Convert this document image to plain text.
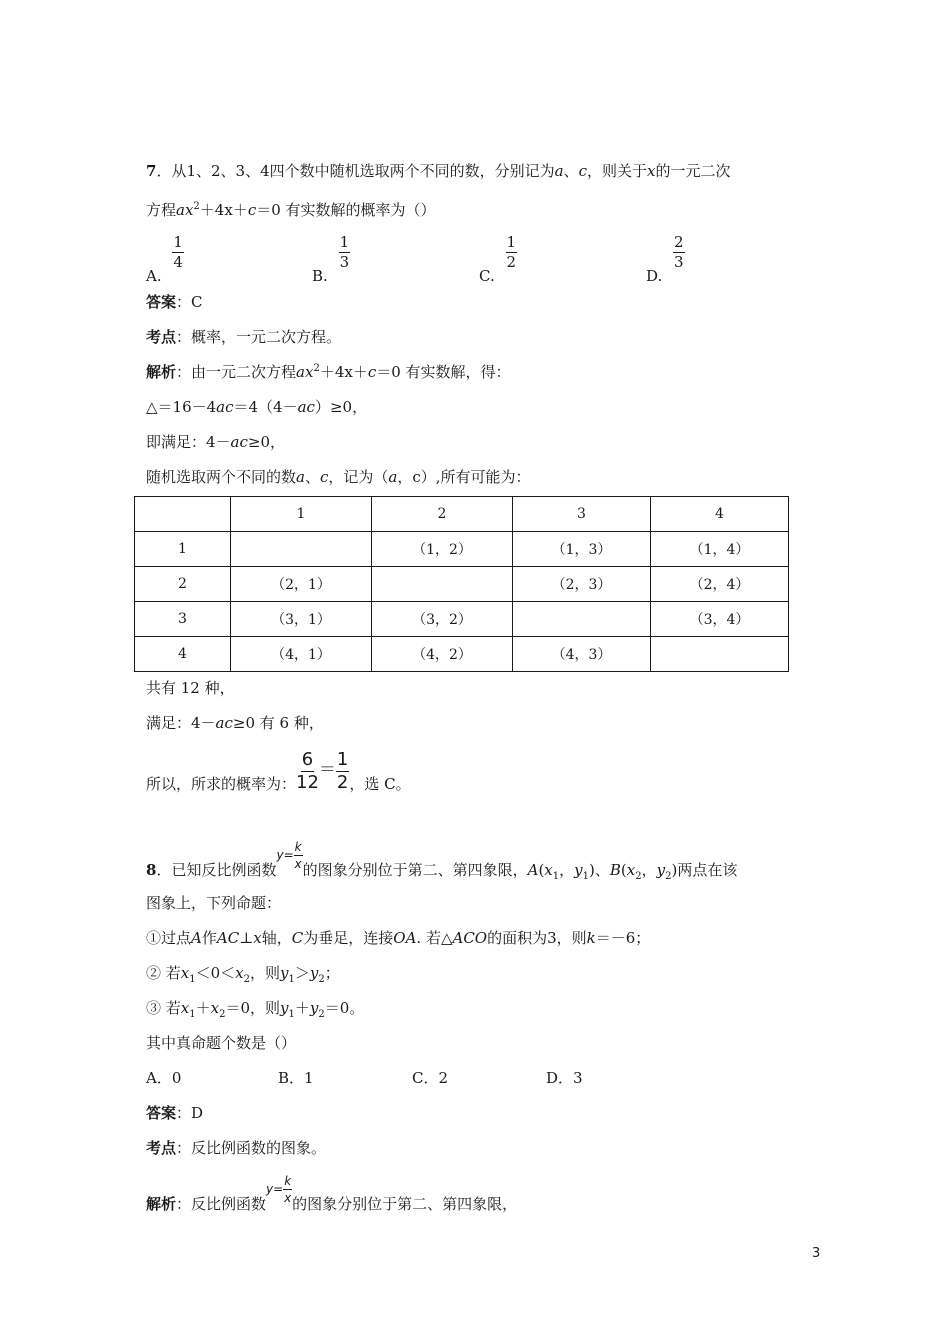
7．从1、2、3、4四个数中随机选取两个不同的数，分别记为a、c，则关于x的一元二次
方程$ax^2+4x+c=0$ 有实数解的概率为（）
A.
$\frac{1}{4}$
B.
$\frac{1}{3}$
C.
$\frac{1}{2}$
D.
$\frac{2}{3}$
答案：C
考点：概率，一元二次方程。
解析：由一元二次方程$ax^2+4x+c=0$ 有实数解，得：
△＝16－4ac＝4（4－ac）≥0，
即满足：4－ac≥0，
随机选取两个不同的数a、c，记为（a，c）,所有可能为：
	1	2	3	4
1		（1，2）	（1，3）	（1，4）
2	（2，1）		（2，3）	（2，4）
3	（3，1）	（3，2）		（3，4）
4	（4，1）	（4，2）	（4，3）	
共有 12 种，
满足：4－ac≥0 有 6 种，
所以，所求的概率为： $\frac{6}{12} = \frac{1}{2}$ ，选 C。
8．已知反比例函数$y= \frac{k}{x}$ 的图象分别位于第二、第四象限，$A(x_1$，$y_1$)、$B(x_2$，$y_2$)两点在该
图象上，下列命题：
①过点A作AC⊥x轴，C为垂足，连接OA. 若△ACO的面积为3，则k＝－6；
② 若$x_1<0<x_2$，则$y_1>y_2$；
③ 若$x_1+x_2=0$，则$y_1+y_2=0$。
其中真命题个数是（）
A．0	B．1	C．2	D．3
答案：D
考点：反比例函数的图象。
解析：反比例函数$y= \frac{k}{x}$ 的图象分别位于第二、第四象限，
3
